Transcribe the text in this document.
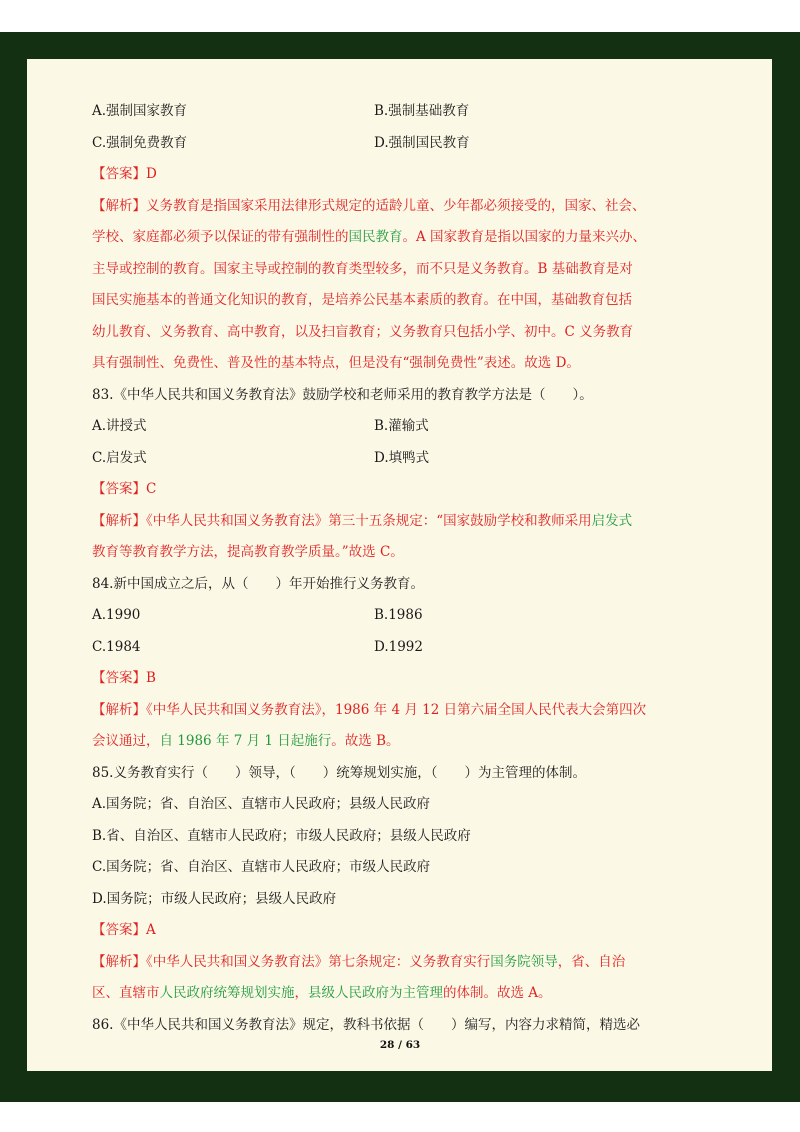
A.强制国家教育	B.强制基础教育
C.强制免费教育	D.强制国民教育
【答案】D
【解析】义务教育是指国家采用法律形式规定的适龄儿童、少年都必须接受的，国家、社会、
学校、家庭都必须予以保证的带有强制性的国民教育。A 国家教育是指以国家的力量来兴办、
主导或控制的教育。国家主导或控制的教育类型较多，而不只是义务教育。B 基础教育是对
国民实施基本的普通文化知识的教育，是培养公民基本素质的教育。在中国，基础教育包括
幼儿教育、义务教育、高中教育，以及扫盲教育；义务教育只包括小学、初中。C 义务教育
具有强制性、免费性、普及性的基本特点，但是没有“强制免费性”表述。故选 D。
83.《中华人民共和国义务教育法》鼓励学校和老师采用的教育教学方法是（　　）。
A.讲授式	B.灌输式
C.启发式	D.填鸭式
【答案】C
【解析】《中华人民共和国义务教育法》第三十五条规定：“国家鼓励学校和教师采用启发式
教育等教育教学方法，提高教育教学质量。”故选 C。
84.新中国成立之后，从（　　）年开始推行义务教育。
A.1990	B.1986
C.1984	D.1992
【答案】B
【解析】《中华人民共和国义务教育法》，1986 年 4 月 12 日第六届全国人民代表大会第四次
会议通过，自 1986 年 7 月 1 日起施行。故选 B。
85.义务教育实行（　　）领导，（　　）统筹规划实施，（　　）为主管理的体制。
A.国务院；省、自治区、直辖市人民政府；县级人民政府
B.省、自治区、直辖市人民政府；市级人民政府；县级人民政府
C.国务院；省、自治区、直辖市人民政府；市级人民政府
D.国务院；市级人民政府；县级人民政府
【答案】A
【解析】《中华人民共和国义务教育法》第七条规定：义务教育实行国务院领导，省、自治
区、直辖市人民政府统筹规划实施，县级人民政府为主管理的体制。故选 A。
86.《中华人民共和国义务教育法》规定，教科书依据（　　）编写，内容力求精简，精选必
28 / 63
